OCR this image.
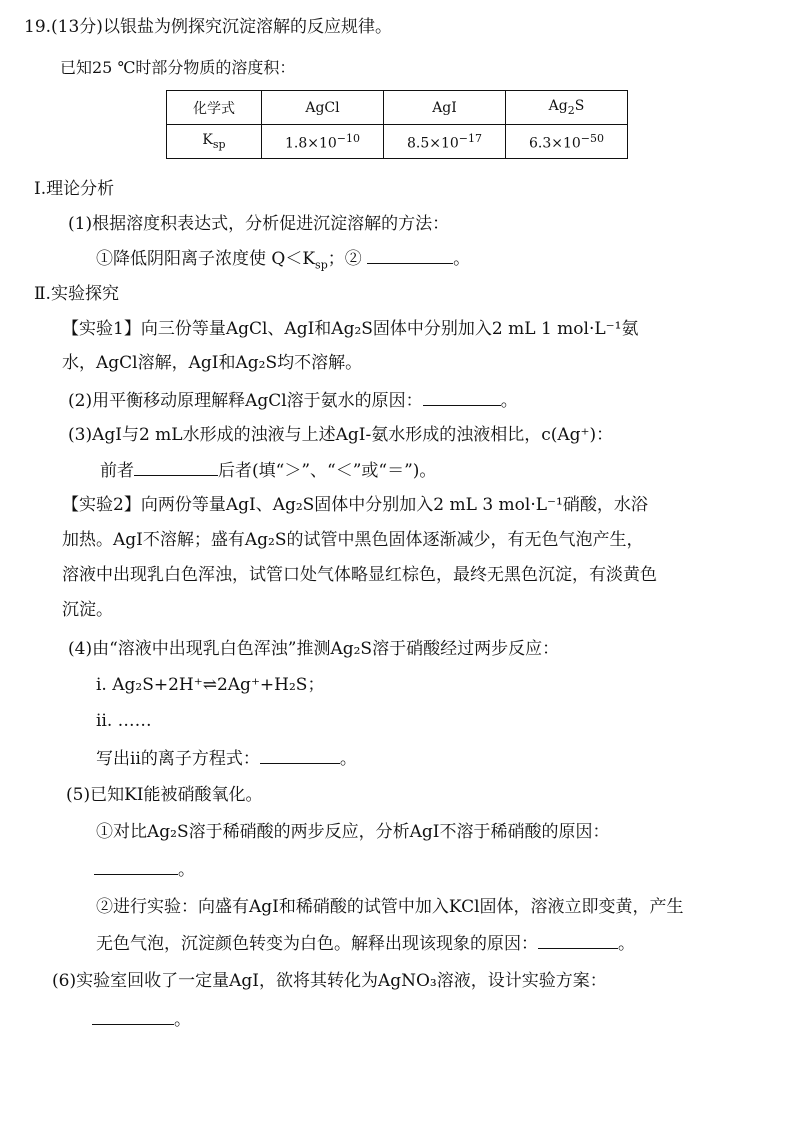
19.(13分)以银盐为例探究沉淀溶解的反应规律。
已知25 ℃时部分物质的溶度积：
化学式	AgCl	AgI	$Ag_2S$
$K_{sp}$	$1.8\times 10^{-10}$	$8.5\times 10^{-17}$	$6.3\times 10^{-50}$
Ⅰ.理论分析
(1)根据溶度积表达式，分析促进沉淀溶解的方法：
①降低阴阳离子浓度使 $Q<K_{sp}$；②	。
Ⅱ.实验探究
【实验1】向三份等量AgCl、AgI和Ag₂S固体中分别加入2 mL 1 mol·L⁻¹氨
水，AgCl溶解，AgI和Ag₂S均不溶解。
(2)用平衡移动原理解释AgCl溶于氨水的原因：	。
(3)AgI与2 mL水形成的浊液与上述AgI-氨水形成的浊液相比，c(Ag⁺)：
前者	后者(填“＞”、“＜”或“＝”)。
【实验2】向两份等量AgI、Ag₂S固体中分别加入2 mL 3 mol·L⁻¹硝酸，水浴
加热。AgI不溶解；盛有Ag₂S的试管中黑色固体逐渐减少，有无色气泡产生，
溶液中出现乳白色浑浊，试管口处气体略显红棕色，最终无黑色沉淀，有淡黄色
沉淀。
(4)由“溶液中出现乳白色浑浊”推测Ag₂S溶于硝酸经过两步反应：
ⅰ. Ag₂S+2H⁺⇌2Ag⁺+H₂S；
ⅱ. ……
写出ⅱ的离子方程式：	。
(5)已知KI能被硝酸氧化。
①对比Ag₂S溶于稀硝酸的两步反应，分析AgI不溶于稀硝酸的原因：
。
②进行实验：向盛有AgI和稀硝酸的试管中加入KCl固体，溶液立即变黄，产生
无色气泡，沉淀颜色转变为白色。解释出现该现象的原因：	。
(6)实验室回收了一定量AgI，欲将其转化为AgNO₃溶液，设计实验方案：
。
